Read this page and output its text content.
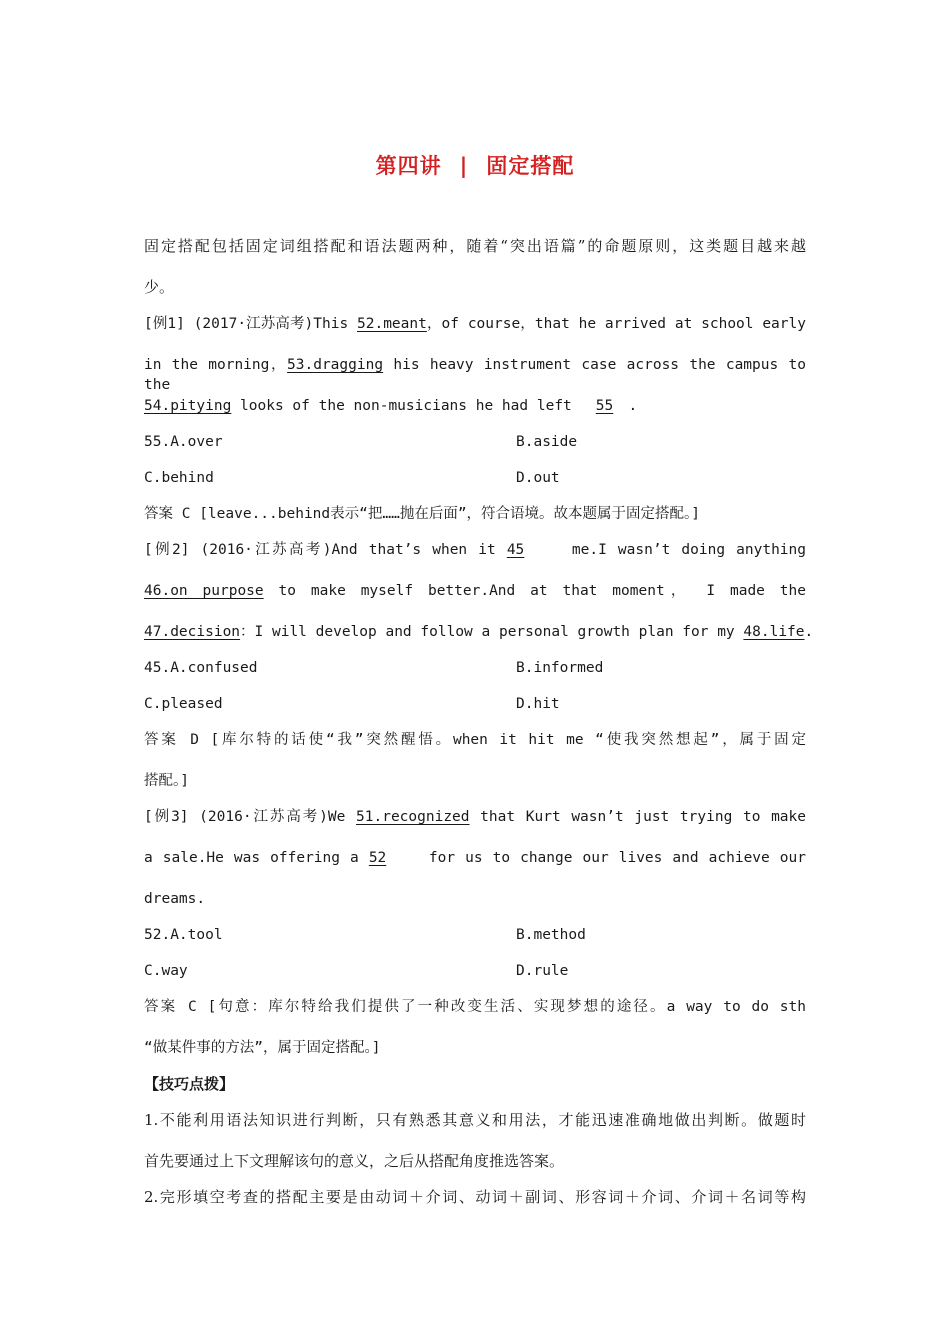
第四讲 | 固定搭配
固定搭配包括固定词组搭配和语法题两种，随着“突出语篇”的命题原则，这类题目越来越
少。
[例1] (2017·江苏高考)This 52.meant，of course，that he arrived at school early
in the morning，53.dragging his heavy instrument case across the campus to the
54.pitying looks of the non-musicians he had left 55 .
55.A.over	B.aside
C.behind	D.out
答案 C [leave...behind表示“把……抛在后面”，符合语境。故本题属于固定搭配。]
[例2] (2016·江苏高考)And that’s when it 45	me.I wasn’t doing anything
46.on purpose to make myself better.And at that moment， I made the
47.decision：I will develop and follow a personal growth plan for my 48.life.
45.A.confused	B.informed
C.pleased	D.hit
答案 D [库尔特的话使“我”突然醒悟。when it hit me “使我突然想起”，属于固定
搭配。]
[例3] (2016·江苏高考)We 51.recognized that Kurt wasn’t just trying to make
a sale.He was offering a 52 for us to change our lives and achieve our
dreams.
52.A.tool	B.method
C.way	D.rule
答案 C [句意：库尔特给我们提供了一种改变生活、实现梦想的途径。a way to do sth
“做某件事的方法”，属于固定搭配。]
【技巧点拨】
1.不能利用语法知识进行判断，只有熟悉其意义和用法，才能迅速准确地做出判断。做题时
首先要通过上下文理解该句的意义，之后从搭配角度推选答案。
2.完形填空考查的搭配主要是由动词＋介词、动词＋副词、形容词＋介词、介词＋名词等构
